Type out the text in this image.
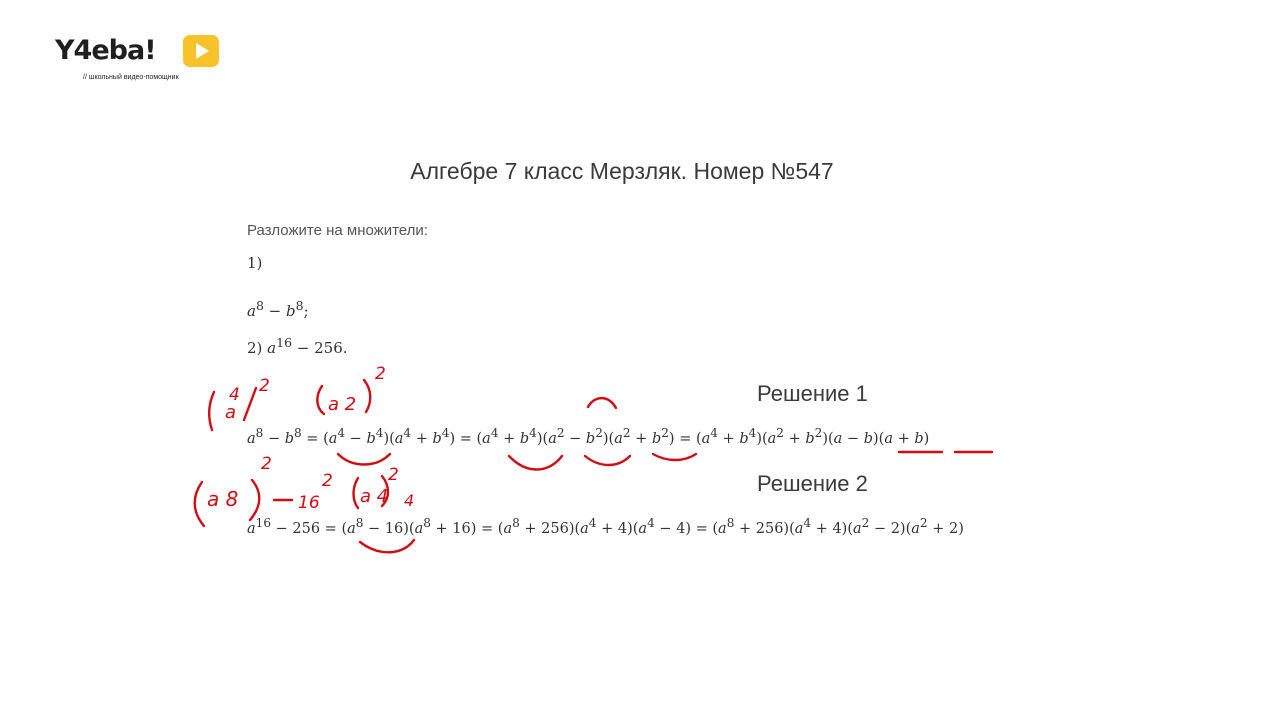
Y4eba!
// школьный видео-помощник
Алгебре 7 класс Мерзляк. Номер №547
Разложите на множители:
1)
$a^8 - b^8$;
2) $a^{16} - 256$.
Решение 1
$a^8 - b^8 = (a^4 - b^4)(a^4 + b^4) = (a^4 + b^4)(a^2 - b^2)(a^2 + b^2) = (a^4 + b^4)(a^2 + b^2)(a - b)(a + b)$
Решение 2
$a^{16} - 256 = (a^8 - 16)(a^8 + 16) = (a^8 + 256)(a^4 + 4)(a^4 - 4) = (a^8 + 256)(a^4 + 4)(a^2 - 2)(a^2 + 2)$
4
a
2
a 2
2
a 8
2
16
2
a 4
2
4
